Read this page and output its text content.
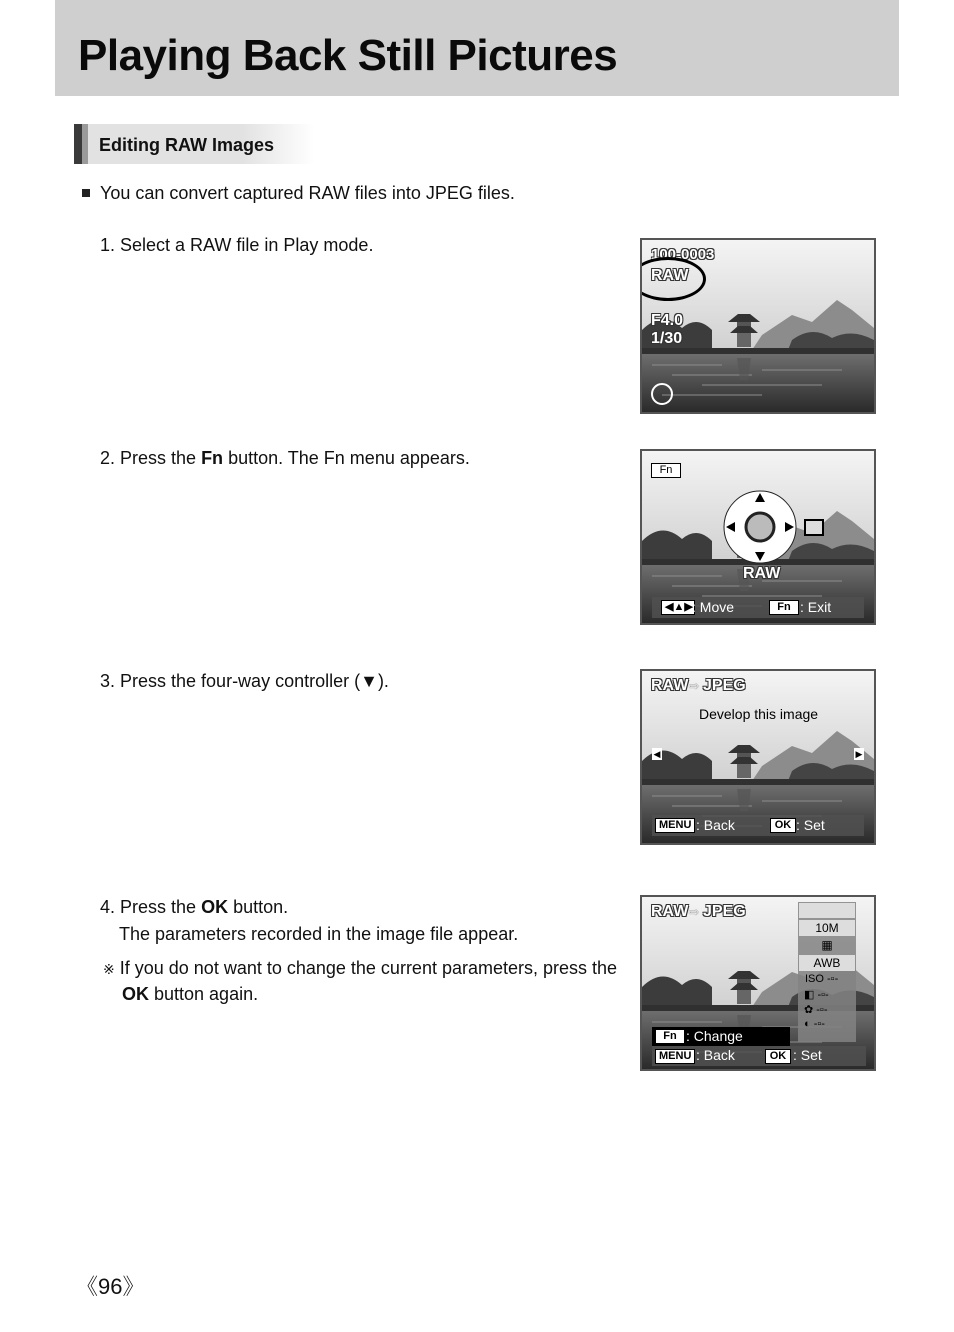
Playing Back Still Pictures
Editing RAW Images
You can convert captured RAW files into JPEG files.
1. Select a RAW file in Play mode.
2. Press the Fn button. The Fn menu appears.
3. Press the four-way controller (▼).
4. Press the OK button.
The parameters recorded in the image file appear.
※ If you do not want to change the current parameters, press the
OK button again.
100-0003
RAW
F4.0
1/30
Fn
RAW
◀▲▶ : Move	Fn : Exit
RAW ⇨ JPEG
Develop this image
◀	▶
MENU : Back	OK : Set
RAW ⇨ JPEG
10M
▦
AWB
ISO -▫-
◧ -▫-
✿ -▫-
◐ -▫-
Fn : Change
MENU : Back	OK : Set
《96》
